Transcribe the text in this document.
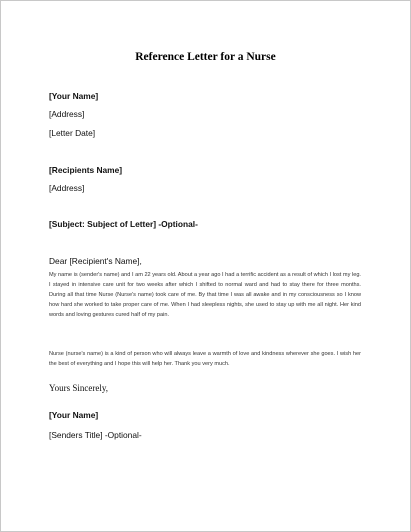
Reference Letter for a Nurse
[Your Name]
[Address]
[Letter Date]
[Recipients Name]
[Address]
[Subject: Subject of Letter] -Optional-
Dear [Recipient's Name],
My name is (sender's name) and I am 22 years old. About a year ago I had a terrific accident as a result of which I lost my leg. I stayed in intensive care unit for two weeks after which I shifted to normal ward and had to stay there for three months. During all that time Nurse (Nurse's name) took care of me. By that time I was all awake and in my consciousness so I know how hard she worked to take proper care of me. When I had sleepless nights, she used to stay up with me all night. Her kind words and loving gestures cured half of my pain.
Nurse (nurse's name) is a kind of person who will always leave a warmth of love and kindness wherever she goes. I wish her the best of everything and I hope this will help her. Thank you very much.
Yours Sincerely,
[Your Name]
[Senders Title] -Optional-
